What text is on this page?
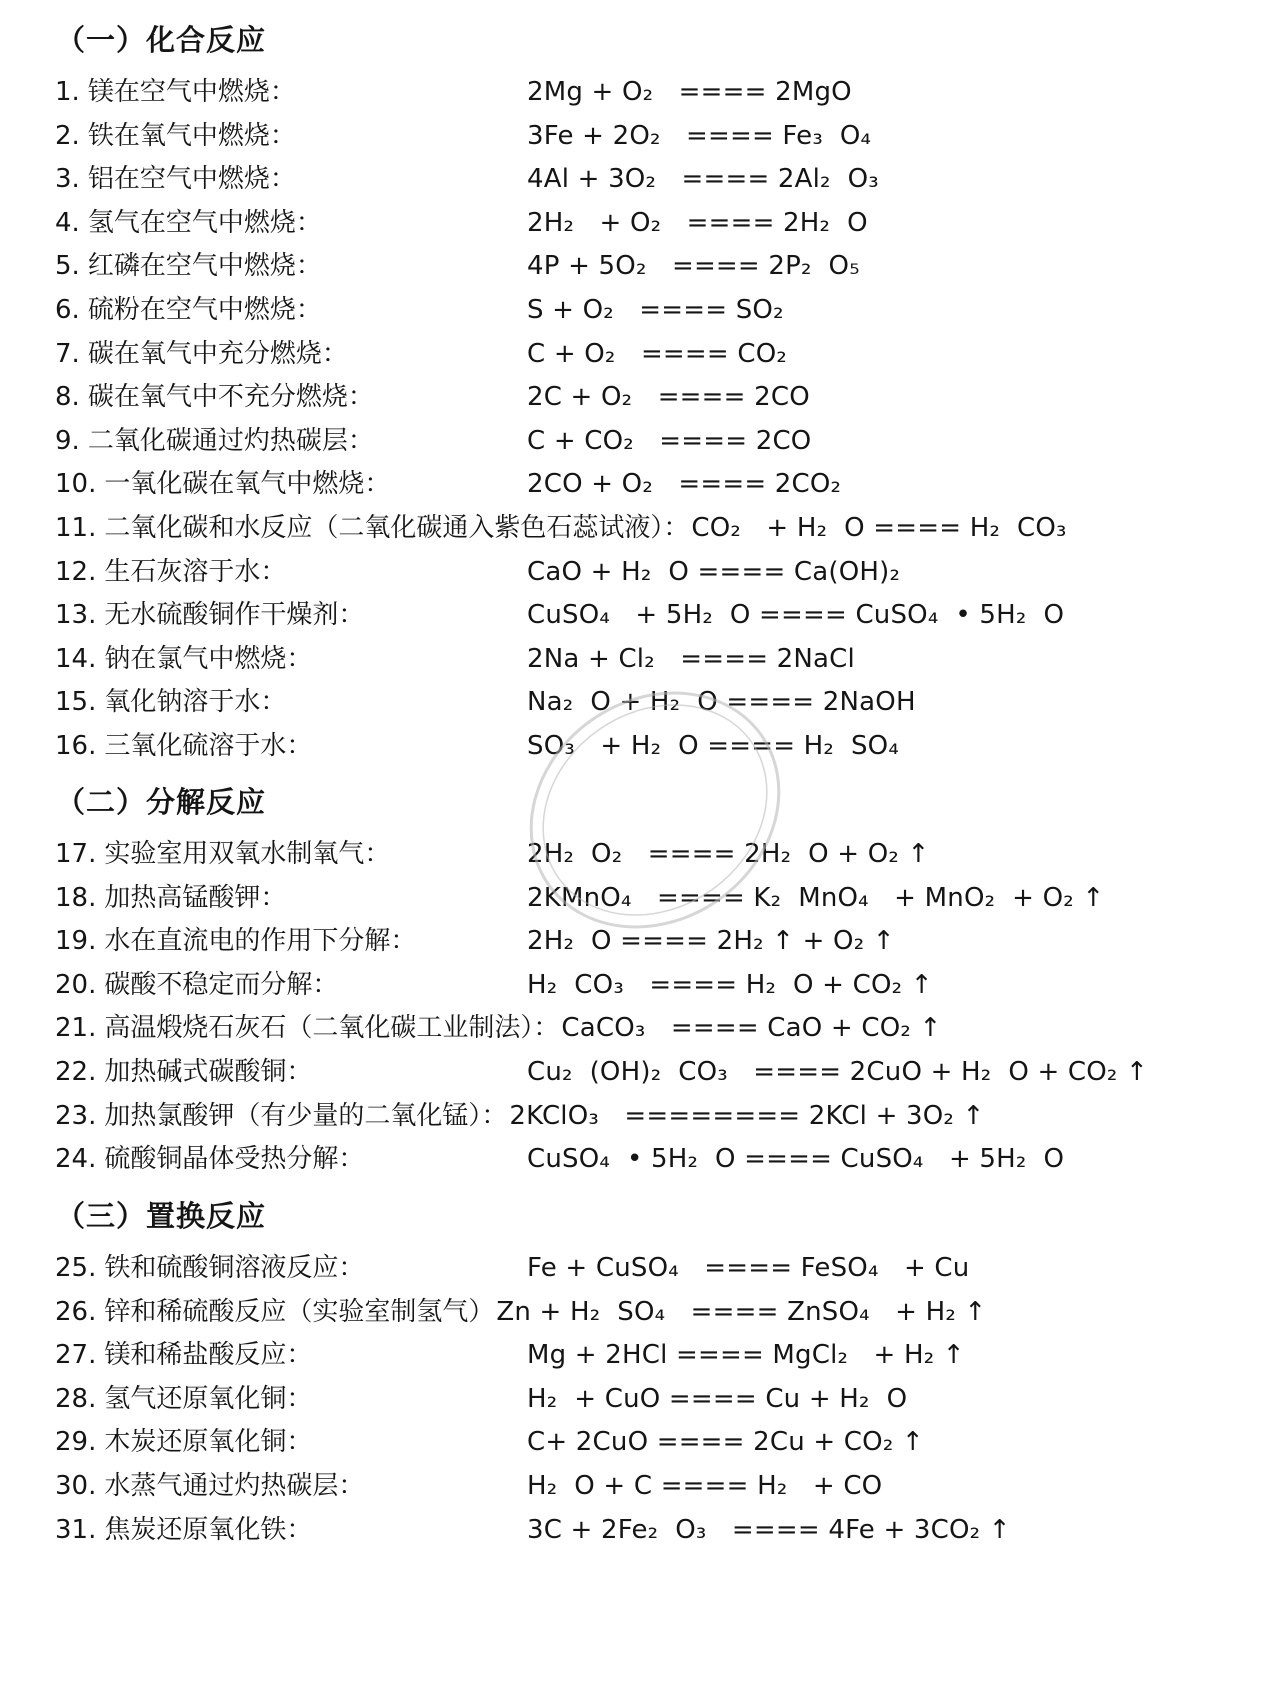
（一）化合反应
1. 镁在空气中燃烧：	2Mg + O₂   ==== 2MgO
2. 铁在氧气中燃烧：	3Fe + 2O₂   ==== Fe₃  O₄
3. 铝在空气中燃烧：	4Al + 3O₂   ==== 2Al₂  O₃
4. 氢气在空气中燃烧：	2H₂   + O₂   ==== 2H₂  O
5. 红磷在空气中燃烧：	4P + 5O₂   ==== 2P₂  O₅
6. 硫粉在空气中燃烧：	S + O₂   ==== SO₂
7. 碳在氧气中充分燃烧：	C + O₂   ==== CO₂
8. 碳在氧气中不充分燃烧：	2C + O₂   ==== 2CO
9. 二氧化碳通过灼热碳层：	C + CO₂   ==== 2CO
10. 一氧化碳在氧气中燃烧：	2CO + O₂   ==== 2CO₂
11. 二氧化碳和水反应（二氧化碳通入紫色石蕊试液）：CO₂   + H₂  O ==== H₂  CO₃
12. 生石灰溶于水：	CaO + H₂  O ==== Ca(OH)₂
13. 无水硫酸铜作干燥剂：	CuSO₄   + 5H₂  O ==== CuSO₄  • 5H₂  O
14. 钠在氯气中燃烧：	2Na + Cl₂   ==== 2NaCl
15. 氧化钠溶于水：	Na₂  O + H₂  O ==== 2NaOH
16. 三氧化硫溶于水：	SO₃   + H₂  O ==== H₂  SO₄
（二）分解反应
17. 实验室用双氧水制氧气：	2H₂  O₂   ==== 2H₂  O + O₂ ↑
18. 加热高锰酸钾：	2KMnO₄   ==== K₂  MnO₄   + MnO₂  + O₂ ↑
19. 水在直流电的作用下分解：	2H₂  O ==== 2H₂ ↑ + O₂ ↑
20. 碳酸不稳定而分解：	H₂  CO₃   ==== H₂  O + CO₂ ↑
21. 高温煅烧石灰石（二氧化碳工业制法）：CaCO₃   ==== CaO + CO₂ ↑
22. 加热碱式碳酸铜：	Cu₂  (OH)₂  CO₃   ==== 2CuO + H₂  O + CO₂ ↑
23. 加热氯酸钾（有少量的二氧化锰）：2KClO₃   ======== 2KCl + 3O₂ ↑
24. 硫酸铜晶体受热分解：	CuSO₄  • 5H₂  O ==== CuSO₄   + 5H₂  O
（三）置换反应
25. 铁和硫酸铜溶液反应：	Fe + CuSO₄   ==== FeSO₄   + Cu
26. 锌和稀硫酸反应（实验室制氢气）Zn + H₂  SO₄   ==== ZnSO₄   + H₂ ↑
27. 镁和稀盐酸反应：	Mg + 2HCl ==== MgCl₂   + H₂ ↑
28. 氢气还原氧化铜：	H₂  + CuO ==== Cu + H₂  O
29. 木炭还原氧化铜：	C+ 2CuO ==== 2Cu + CO₂ ↑
30. 水蒸气通过灼热碳层：	H₂  O + C ==== H₂   + CO
31. 焦炭还原氧化铁：	3C + 2Fe₂  O₃   ==== 4Fe + 3CO₂ ↑
